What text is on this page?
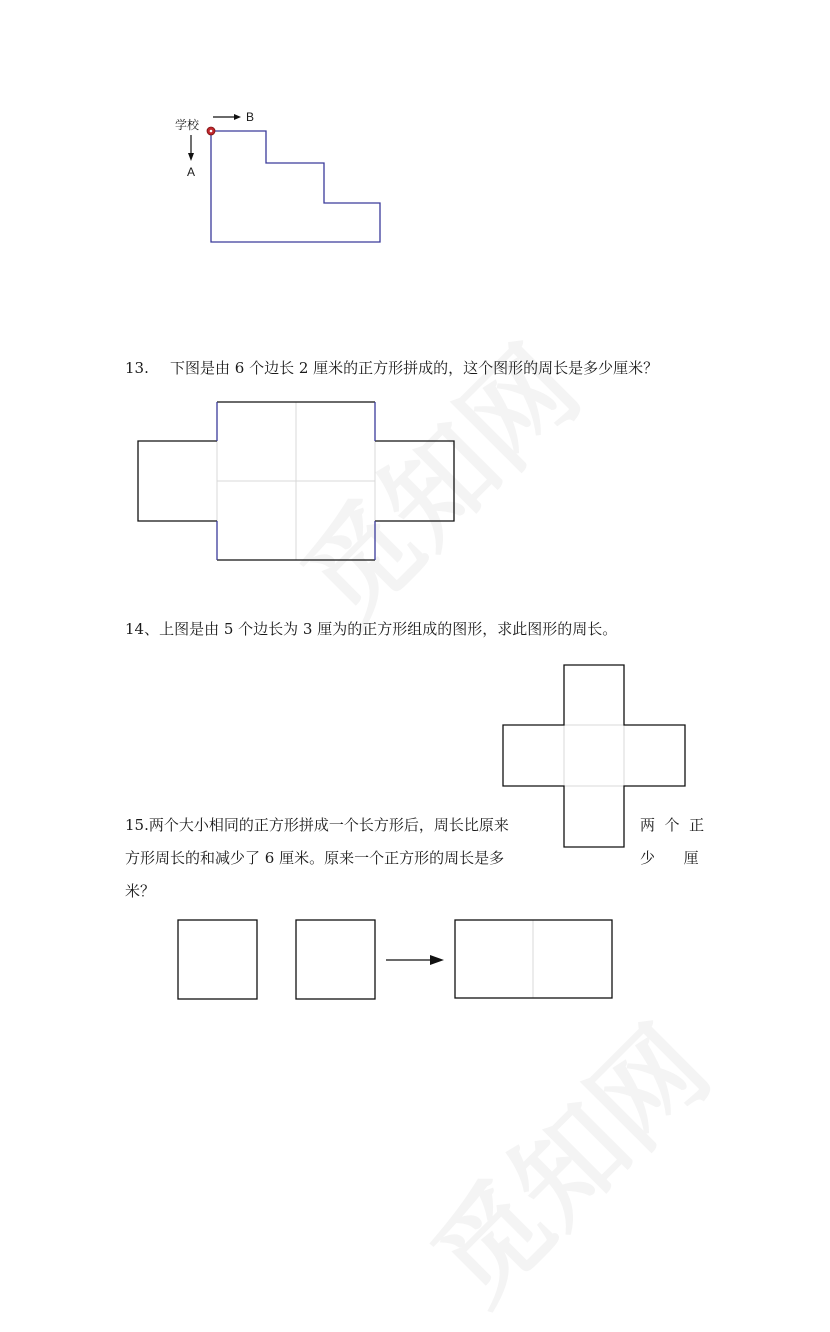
学校
B
A
13. 下图是由 6 个边长 2 厘米的正方形拼成的，这个图形的周长是多少厘米？
14、上图是由 5 个边长为 3 厘为的正方形组成的图形，求此图形的周长。
15.两个大小相同的正方形拼成一个长方形后，周长比原来	两  个  正
方形周长的和减少了 6 厘米。原来一个正方形的周长是多	少      厘
米？
